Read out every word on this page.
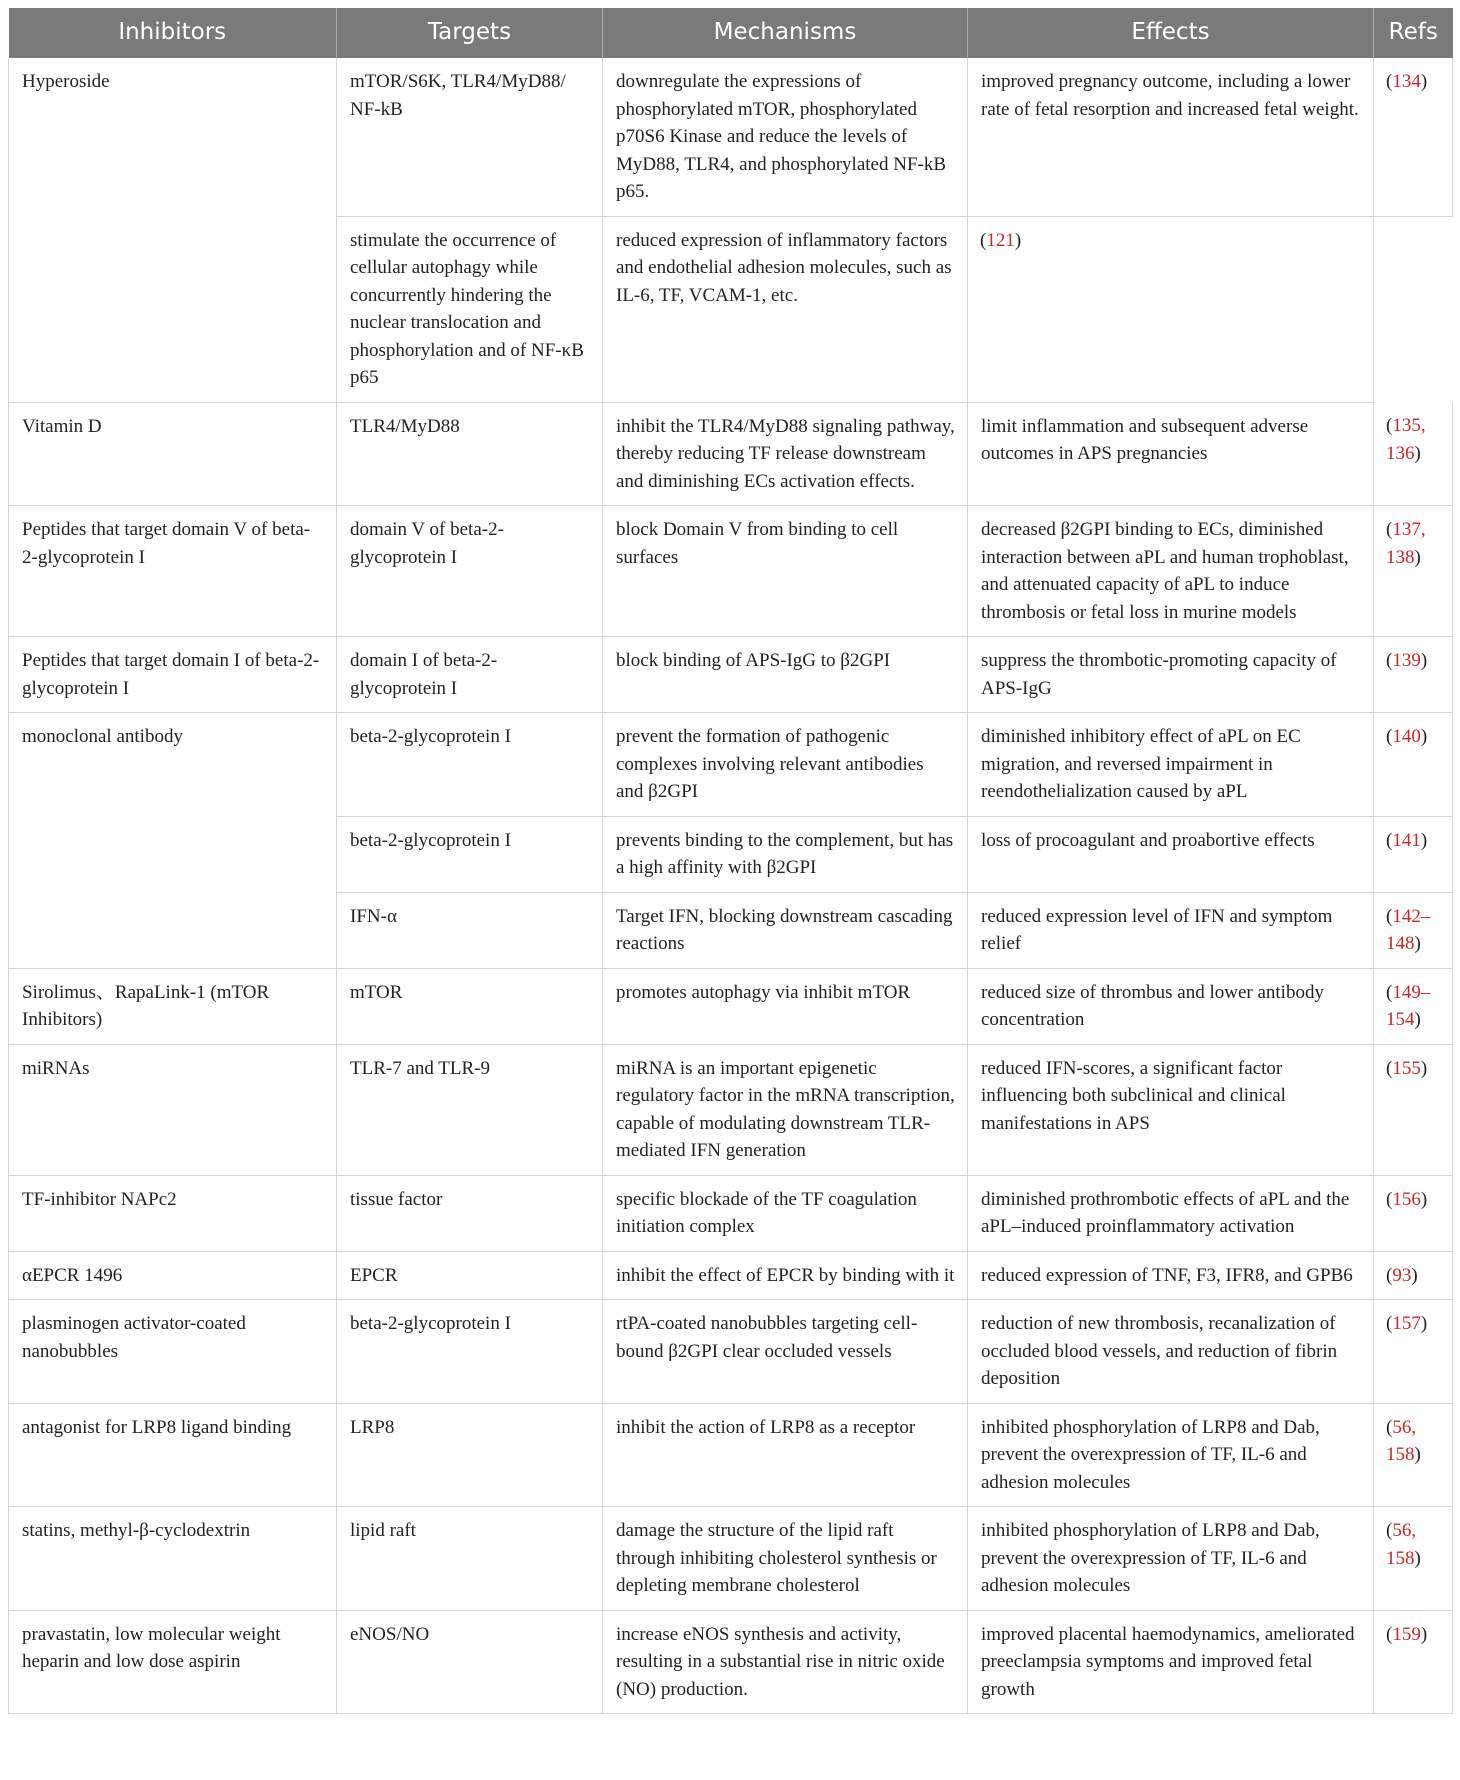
Inhibitors	Targets	Mechanisms	Effects	Refs
Hyperoside	mTOR/S6K, TLR4/MyD88/ NF-kB	downregulate the expressions of phosphorylated mTOR, phosphorylated p70S6 Kinase and reduce the levels of MyD88, TLR4, and phosphorylated NF-kB p65.	improved pregnancy outcome, including a lower rate of fetal resorption and increased fetal weight.	(134)
	stimulate the occurrence of cellular autophagy while concurrently hindering the nuclear translocation and phosphorylation and of NF-κB p65	reduced expression of inflammatory factors and endothelial adhesion molecules, such as IL-6, TF, VCAM-1, etc.	(121)	
Vitamin D	TLR4/MyD88	inhibit the TLR4/MyD88 signaling pathway, thereby reducing TF release downstream and diminishing ECs activation effects.	limit inflammation and subsequent adverse outcomes in APS pregnancies	(135, 136)
Peptides that target domain V of beta-2-glycoprotein I	domain V of beta-2-glycoprotein I	block Domain V from binding to cell surfaces	decreased β2GPI binding to ECs, diminished interaction between aPL and human trophoblast, and attenuated capacity of aPL to induce thrombosis or fetal loss in murine models	(137, 138)
Peptides that target domain I of beta-2-glycoprotein I	domain I of beta-2-glycoprotein I	block binding of APS-IgG to β2GPI	suppress the thrombotic-promoting capacity of APS-IgG	(139)
monoclonal antibody	beta-2-glycoprotein I	prevent the formation of pathogenic complexes involving relevant antibodies and β2GPI	diminished inhibitory effect of aPL on EC migration, and reversed impairment in reendothelialization caused by aPL	(140)
	beta-2-glycoprotein I	prevents binding to the complement, but has a high affinity with β2GPI	loss of procoagulant and proabortive effects	(141)
	IFN-α	Target IFN, blocking downstream cascading reactions	reduced expression level of IFN and symptom relief	(142–148)
Sirolimus、RapaLink-1 (mTOR Inhibitors)	mTOR	promotes autophagy via inhibit mTOR	reduced size of thrombus and lower antibody concentration	(149–154)
miRNAs	TLR-7 and TLR-9	miRNA is an important epigenetic regulatory factor in the mRNA transcription, capable of modulating downstream TLR-mediated IFN generation	reduced IFN-scores, a significant factor influencing both subclinical and clinical manifestations in APS	(155)
TF-inhibitor NAPc2	tissue factor	specific blockade of the TF coagulation initiation complex	diminished prothrombotic effects of aPL and the aPL–induced proinflammatory activation	(156)
αEPCR 1496	EPCR	inhibit the effect of EPCR by binding with it	reduced expression of TNF, F3, IFR8, and GPB6	(93)
plasminogen activator-coated nanobubbles	beta-2-glycoprotein I	rtPA-coated nanobubbles targeting cell-bound β2GPI clear occluded vessels	reduction of new thrombosis, recanalization of occluded blood vessels, and reduction of fibrin deposition	(157)
antagonist for LRP8 ligand binding	LRP8	inhibit the action of LRP8 as a receptor	inhibited phosphorylation of LRP8 and Dab, prevent the overexpression of TF, IL-6 and adhesion molecules	(56, 158)
statins, methyl-β-cyclodextrin	lipid raft	damage the structure of the lipid raft through inhibiting cholesterol synthesis or depleting membrane cholesterol	inhibited phosphorylation of LRP8 and Dab, prevent the overexpression of TF, IL-6 and adhesion molecules	(56, 158)
pravastatin, low molecular weight heparin and low dose aspirin	eNOS/NO	increase eNOS synthesis and activity, resulting in a substantial rise in nitric oxide (NO) production.	improved placental haemodynamics, ameliorated preeclampsia symptoms and improved fetal growth	(159)
